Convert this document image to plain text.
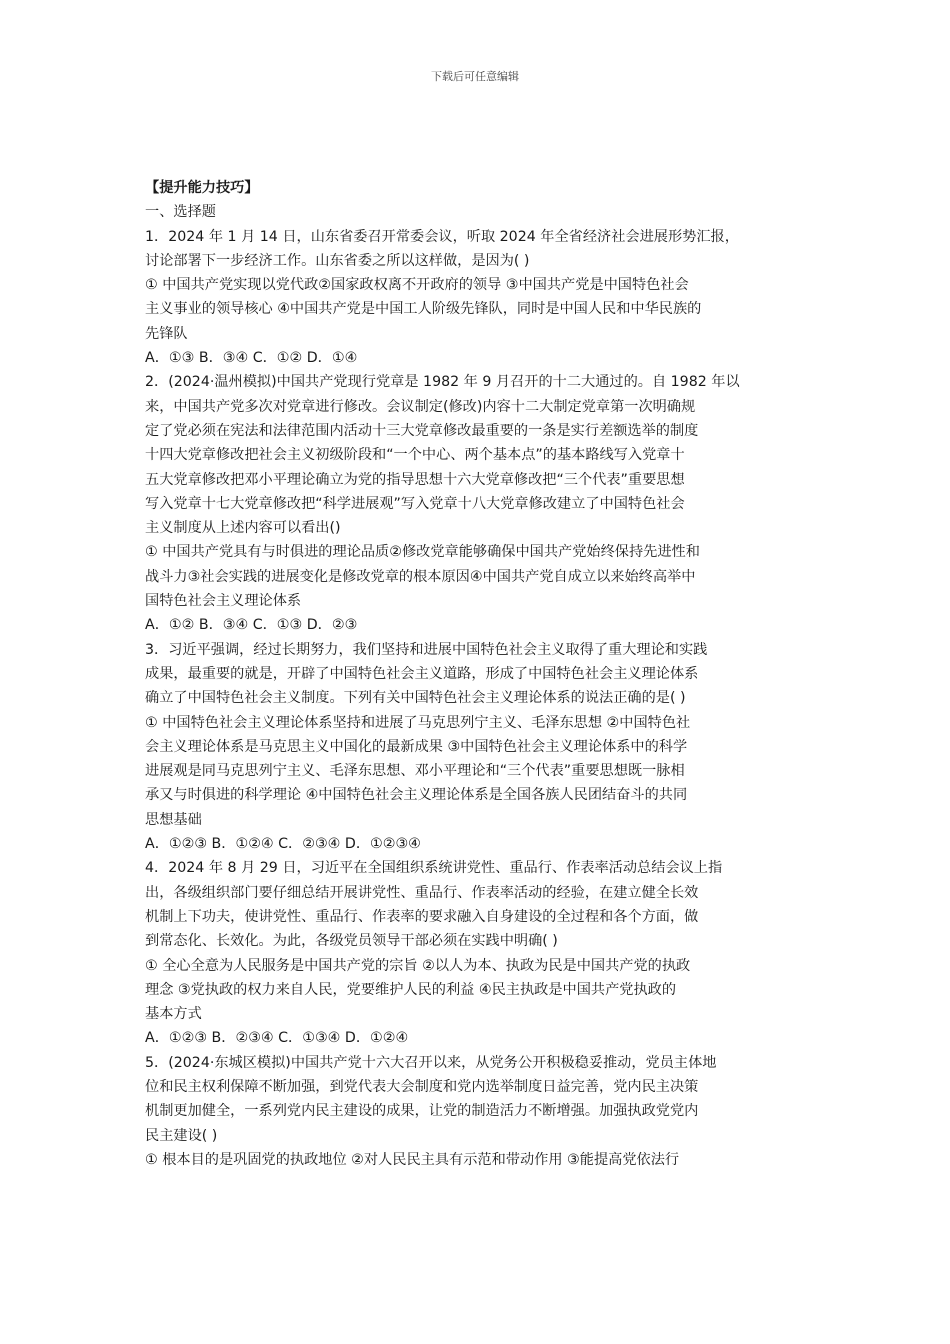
下载后可任意编辑
【提升能力技巧】
一、选择题
1．2024 年 1 月 14 日，山东省委召开常委会议，听取 2024 年全省经济社会进展形势汇报，
讨论部署下一步经济工作。山东省委之所以这样做，是因为( )
① 中国共产党实现以党代政②国家政权离不开政府的领导 ③中国共产党是中国特色社会
主义事业的领导核心 ④中国共产党是中国工人阶级先锋队，同时是中国人民和中华民族的
先锋队
A．①③ B．③④ C．①② D．①④
2．(2024·温州模拟)中国共产党现行党章是 1982 年 9 月召开的十二大通过的。自 1982 年以
来，中国共产党多次对党章进行修改。会议制定(修改)内容十二大制定党章第一次明确规
定了党必须在宪法和法律范围内活动十三大党章修改最重要的一条是实行差额选举的制度
十四大党章修改把社会主义初级阶段和“一个中心、两个基本点”的基本路线写入党章十
五大党章修改把邓小平理论确立为党的指导思想十六大党章修改把“三个代表”重要思想
写入党章十七大党章修改把“科学进展观”写入党章十八大党章修改建立了中国特色社会
主义制度从上述内容可以看出()
① 中国共产党具有与时俱进的理论品质②修改党章能够确保中国共产党始终保持先进性和
战斗力③社会实践的进展变化是修改党章的根本原因④中国共产党自成立以来始终高举中
国特色社会主义理论体系
A．①② B．③④ C．①③ D．②③
3．习近平强调，经过长期努力，我们坚持和进展中国特色社会主义取得了重大理论和实践
成果，最重要的就是，开辟了中国特色社会主义道路，形成了中国特色社会主义理论体系
确立了中国特色社会主义制度。下列有关中国特色社会主义理论体系的说法正确的是( )
① 中国特色社会主义理论体系坚持和进展了马克思列宁主义、毛泽东思想 ②中国特色社
会主义理论体系是马克思主义中国化的最新成果 ③中国特色社会主义理论体系中的科学
进展观是同马克思列宁主义、毛泽东思想、邓小平理论和“三个代表”重要思想既一脉相
承又与时俱进的科学理论 ④中国特色社会主义理论体系是全国各族人民团结奋斗的共同
思想基础
A．①②③ B．①②④ C．②③④ D．①②③④
4．2024 年 8 月 29 日，习近平在全国组织系统讲党性、重品行、作表率活动总结会议上指
出，各级组织部门要仔细总结开展讲党性、重品行、作表率活动的经验，在建立健全长效
机制上下功夫，使讲党性、重品行、作表率的要求融入自身建设的全过程和各个方面，做
到常态化、长效化。为此，各级党员领导干部必须在实践中明确( )
① 全心全意为人民服务是中国共产党的宗旨 ②以人为本、执政为民是中国共产党的执政
理念 ③党执政的权力来自人民，党要维护人民的利益 ④民主执政是中国共产党执政的
基本方式
A．①②③ B．②③④ C．①③④ D．①②④
5．(2024·东城区模拟)中国共产党十六大召开以来，从党务公开积极稳妥推动，党员主体地
位和民主权利保障不断加强，到党代表大会制度和党内选举制度日益完善，党内民主决策
机制更加健全，一系列党内民主建设的成果，让党的制造活力不断增强。加强执政党党内
民主建设( )
① 根本目的是巩固党的执政地位 ②对人民民主具有示范和带动作用 ③能提高党依法行
